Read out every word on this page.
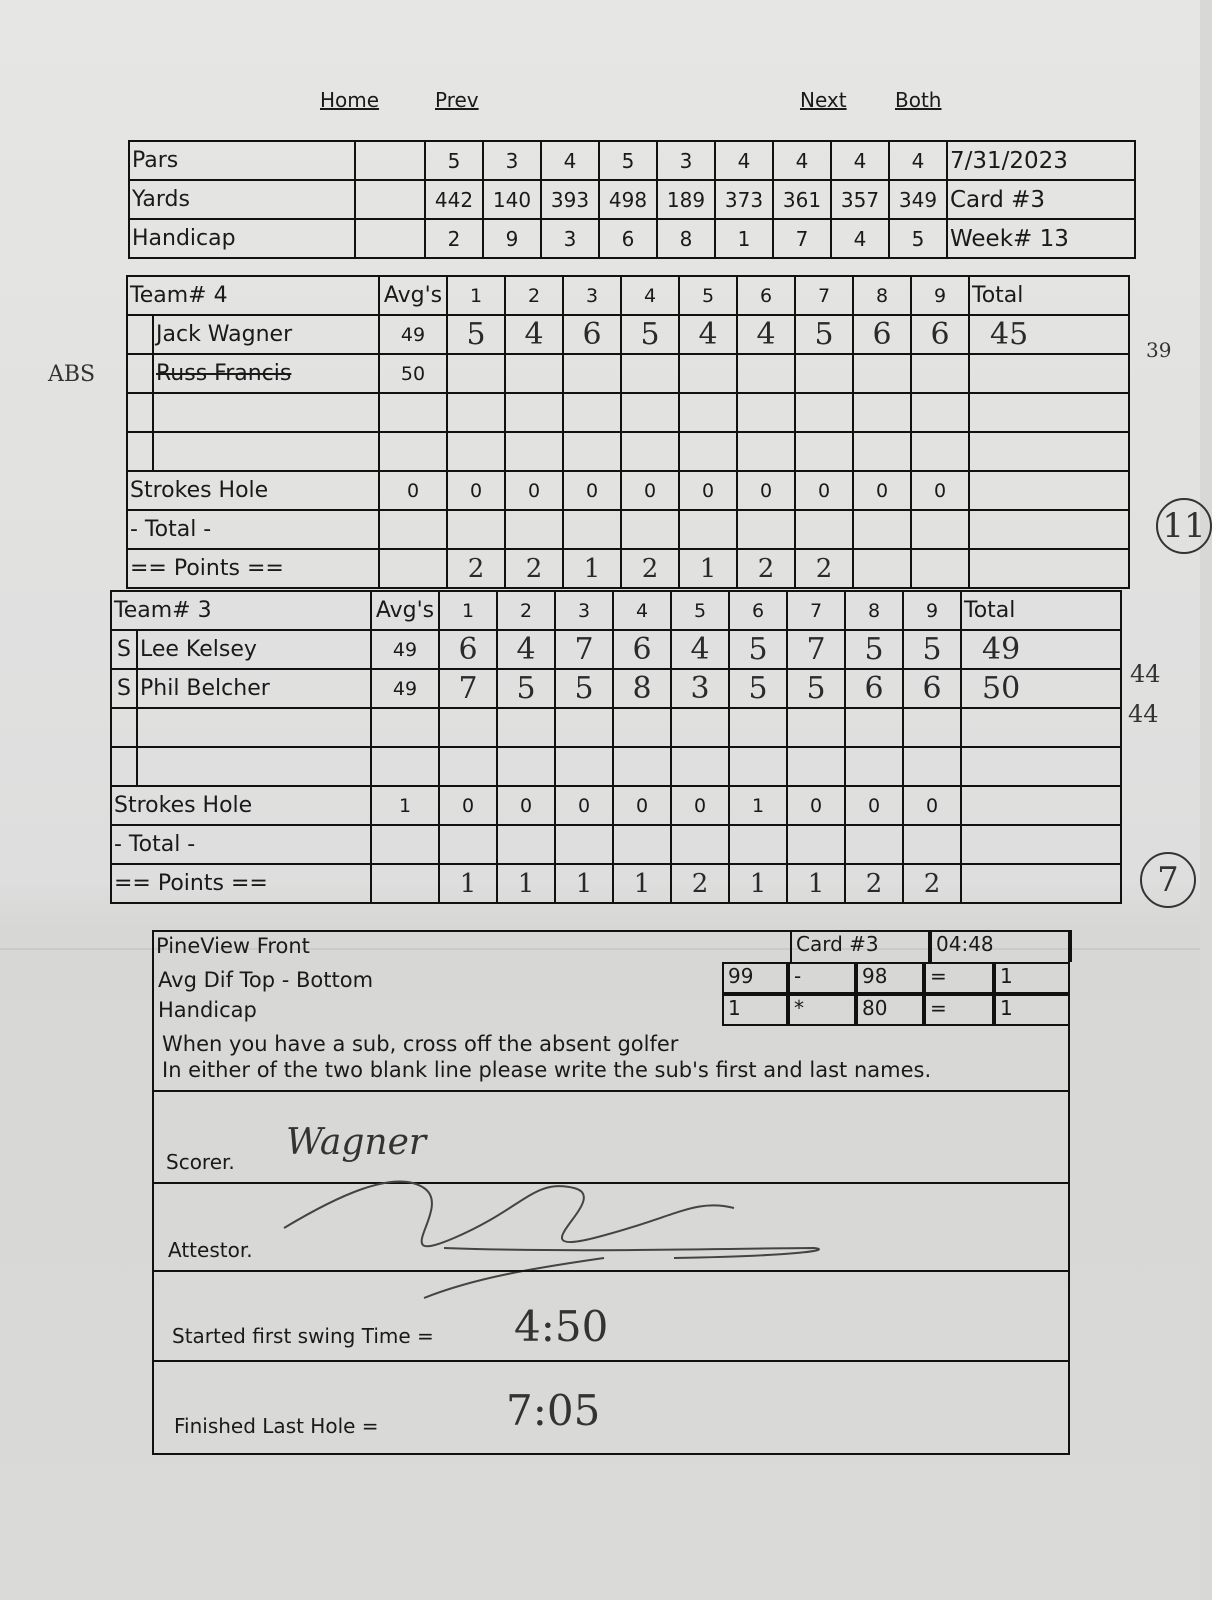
Home	Prev	Next Both
Pars		5	3	4	5	3	4	4	4	4	7/31/2023
Yards		442	140	393	498	189	373	361	357	349	Card #3
Handicap		2	9	3	6	8	1	7	4	5	Week# 13
Team# 4		Avg's	1	2	3	4	5	6	7	8	9	Total
	Jack Wagner	49	5	4	6	5	4	4	5	6	6	45
	Russ Francis	50										

Strokes Hole		0	0	0	0	0	0	0	0	0	0	
- Total -												
== Points ==			2	2	1	2	1	2	2			
Team# 3		Avg's	1	2	3	4	5	6	7	8	9	Total
S	Lee Kelsey	49	6	4	7	6	4	5	7	5	5	49
S	Phil Belcher	49	7	5	5	8	3	5	5	6	6	50

Strokes Hole		1	0	0	0	0	0	1	0	0	0	
- Total -												
== Points ==			1	1	1	1	2	1	1	2	2	
ABS
39
11
44
44
7
PineView Front	Card #3	04:48
Avg Dif Top - Bottom	99	-	98	=	1
Handicap	1	*	80	=	1
When you have a sub, cross off the absent golfer
In either of the two blank line please write the sub's first and last names.
Scorer. Wagner
Attestor.
Started first swing Time = 4:50
Finished Last Hole =	7:05
